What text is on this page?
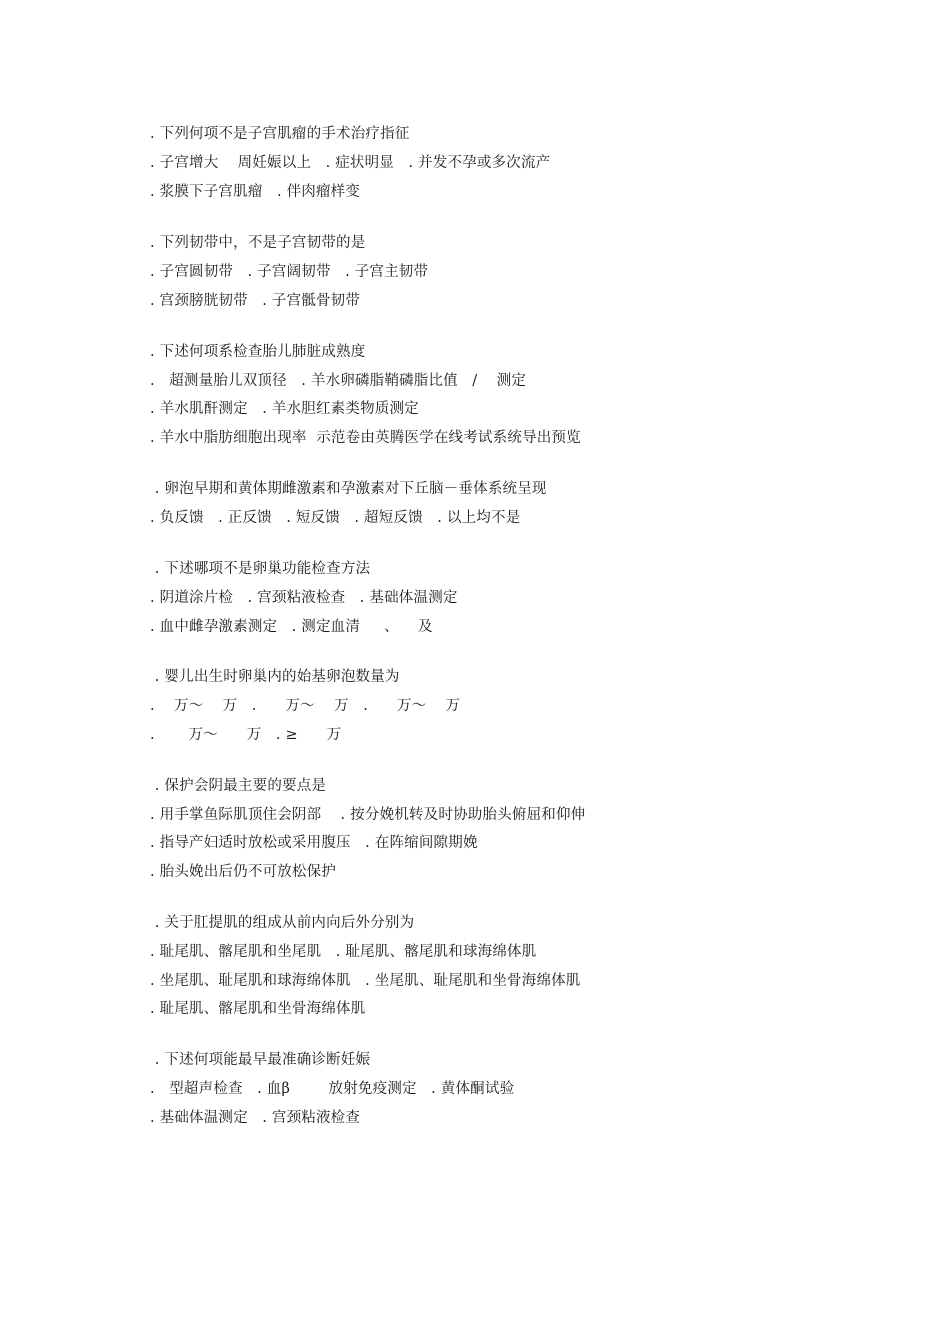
. 下列何项不是子宫肌瘤的手术治疗指征
. 子宫增大    周妊娠以上   . 症状明显   . 并发不孕或多次流产
. 浆膜下子宫肌瘤   . 伴肉瘤样变
. 下列韧带中，不是子宫韧带的是
. 子宫圆韧带   . 子宫阔韧带   . 子宫主韧带
. 宫颈膀胱韧带   . 子宫骶骨韧带
. 下述何项系检查胎儿肺脏成熟度
.   超测量胎儿双顶径   . 羊水卵磷脂鞘磷脂比值   /    测定
. 羊水肌酐测定   . 羊水胆红素类物质测定
. 羊水中脂肪细胞出现率  示范卷由英腾医学在线考试系统导出预览
. 卵泡早期和黄体期雌激素和孕激素对下丘脑－垂体系统呈现
. 负反馈   . 正反馈   . 短反馈   . 超短反馈   . 以上均不是
. 下述哪项不是卵巢功能检查方法
. 阴道涂片检   . 宫颈粘液检查   . 基础体温测定
. 血中雌孕激素测定   . 测定血清     、    及
. 婴儿出生时卵巢内的始基卵泡数量为
.    万～    万   .      万～    万   .      万～    万
.       万～      万   . ≥      万
. 保护会阴最主要的要点是
. 用手掌鱼际肌顶住会阴部    . 按分娩机转及时协助胎头俯屈和仰伸
. 指导产妇适时放松或采用腹压   . 在阵缩间隙期娩
. 胎头娩出后仍不可放松保护
. 关于肛提肌的组成从前内向后外分别为
. 耻尾肌、髂尾肌和坐尾肌   . 耻尾肌、髂尾肌和球海绵体肌
. 坐尾肌、耻尾肌和球海绵体肌   . 坐尾肌、耻尾肌和坐骨海绵体肌
. 耻尾肌、髂尾肌和坐骨海绵体肌
. 下述何项能最早最准确诊断妊娠
.   型超声检查   . 血β        放射免疫测定   . 黄体酮试验
. 基础体温测定   . 宫颈粘液检查
